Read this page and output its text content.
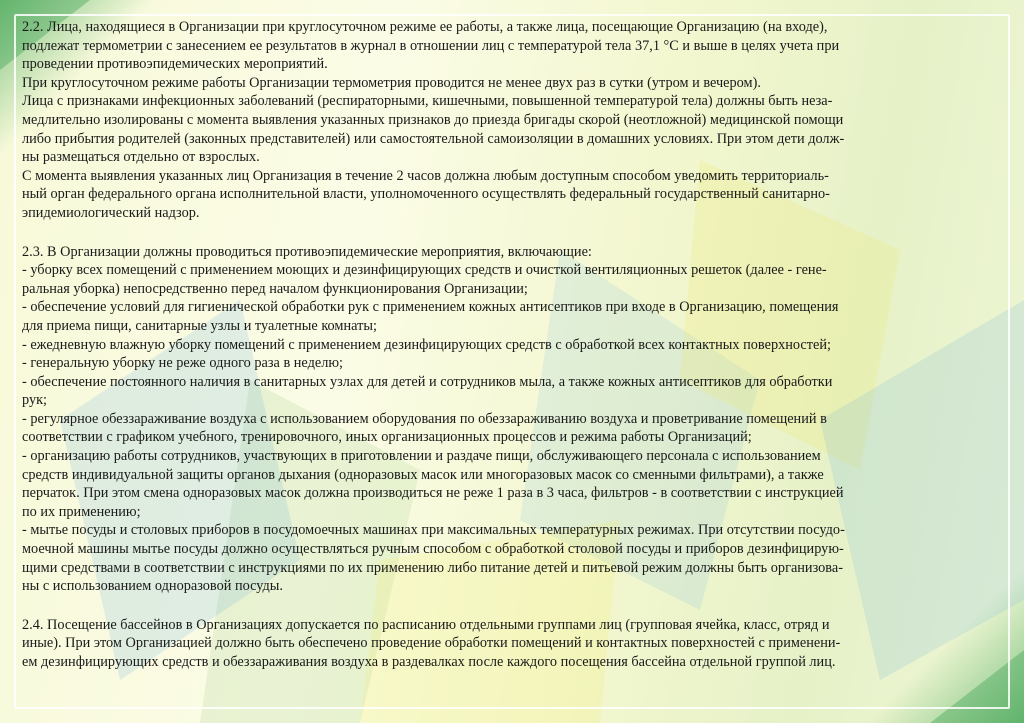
2.2. Лица, находящиеся в Организации при круглосуточном режиме ее работы, а также лица, посещающие Организацию (на входе),

подлежат термометрии с занесением ее результатов в журнал в отношении лиц с температурой тела 37,1 °С и выше в целях учета при

проведении противоэпидемических мероприятий.

При круглосуточном режиме работы Организации термометрия проводится не менее двух раз в сутки (утром и вечером).

Лица с признаками инфекционных заболеваний (респираторными, кишечными, повышенной температурой тела) должны быть неза-

медлительно изолированы с момента выявления указанных признаков до приезда бригады скорой (неотложной) медицинской помощи

либо прибытия родителей (законных представителей) или самостоятельной самоизоляции в домашних условиях. При этом дети долж-

ны размещаться отдельно от взрослых.

С момента выявления указанных лиц Организация в течение 2 часов должна любым доступным способом уведомить территориаль-

ный орган федерального органа исполнительной власти, уполномоченного осуществлять федеральный государственный санитарно-

эпидемиологический надзор.

2.3. В Организации должны проводиться противоэпидемические мероприятия, включающие:

- уборку всех помещений с применением моющих и дезинфицирующих средств и очисткой вентиляционных решеток (далее - гене-

ральная уборка) непосредственно перед началом функционирования Организации;

- обеспечение условий для гигиенической обработки рук с применением кожных антисептиков при входе в Организацию, помещения

для приема пищи, санитарные узлы и туалетные комнаты;

- ежедневную влажную уборку помещений с применением дезинфицирующих средств с обработкой всех контактных поверхностей;

- генеральную уборку не реже одного раза в неделю;

- обеспечение постоянного наличия в санитарных узлах для детей и сотрудников мыла, а также кожных антисептиков для обработки

рук;

- регулярное обеззараживание воздуха с использованием оборудования по обеззараживанию воздуха и проветривание помещений в

соответствии с графиком учебного, тренировочного, иных организационных процессов и режима работы Организаций;

- организацию работы сотрудников, участвующих в приготовлении и раздаче пищи, обслуживающего персонала с использованием

средств индивидуальной защиты органов дыхания (одноразовых масок или многоразовых масок со сменными фильтрами), а также

перчаток. При этом смена одноразовых масок должна производиться не реже 1 раза в 3 часа, фильтров - в соответствии с инструкцией

по их применению;

- мытье посуды и столовых приборов в посудомоечных машинах при максимальных температурных режимах. При отсутствии посудо-

моечной машины мытье посуды должно осуществляться ручным способом с обработкой столовой посуды и приборов дезинфицирую-

щими средствами в соответствии с инструкциями по их применению либо питание детей и питьевой режим должны быть организова-

ны с использованием одноразовой посуды.

2.4. Посещение бассейнов в Организациях допускается по расписанию отдельными группами лиц (групповая ячейка, класс, отряд и

иные). При этом Организацией должно быть обеспечено проведение обработки помещений и контактных поверхностей с применени-

ем дезинфицирующих средств и обеззараживания воздуха в раздевалках после каждого посещения бассейна отдельной группой лиц.
